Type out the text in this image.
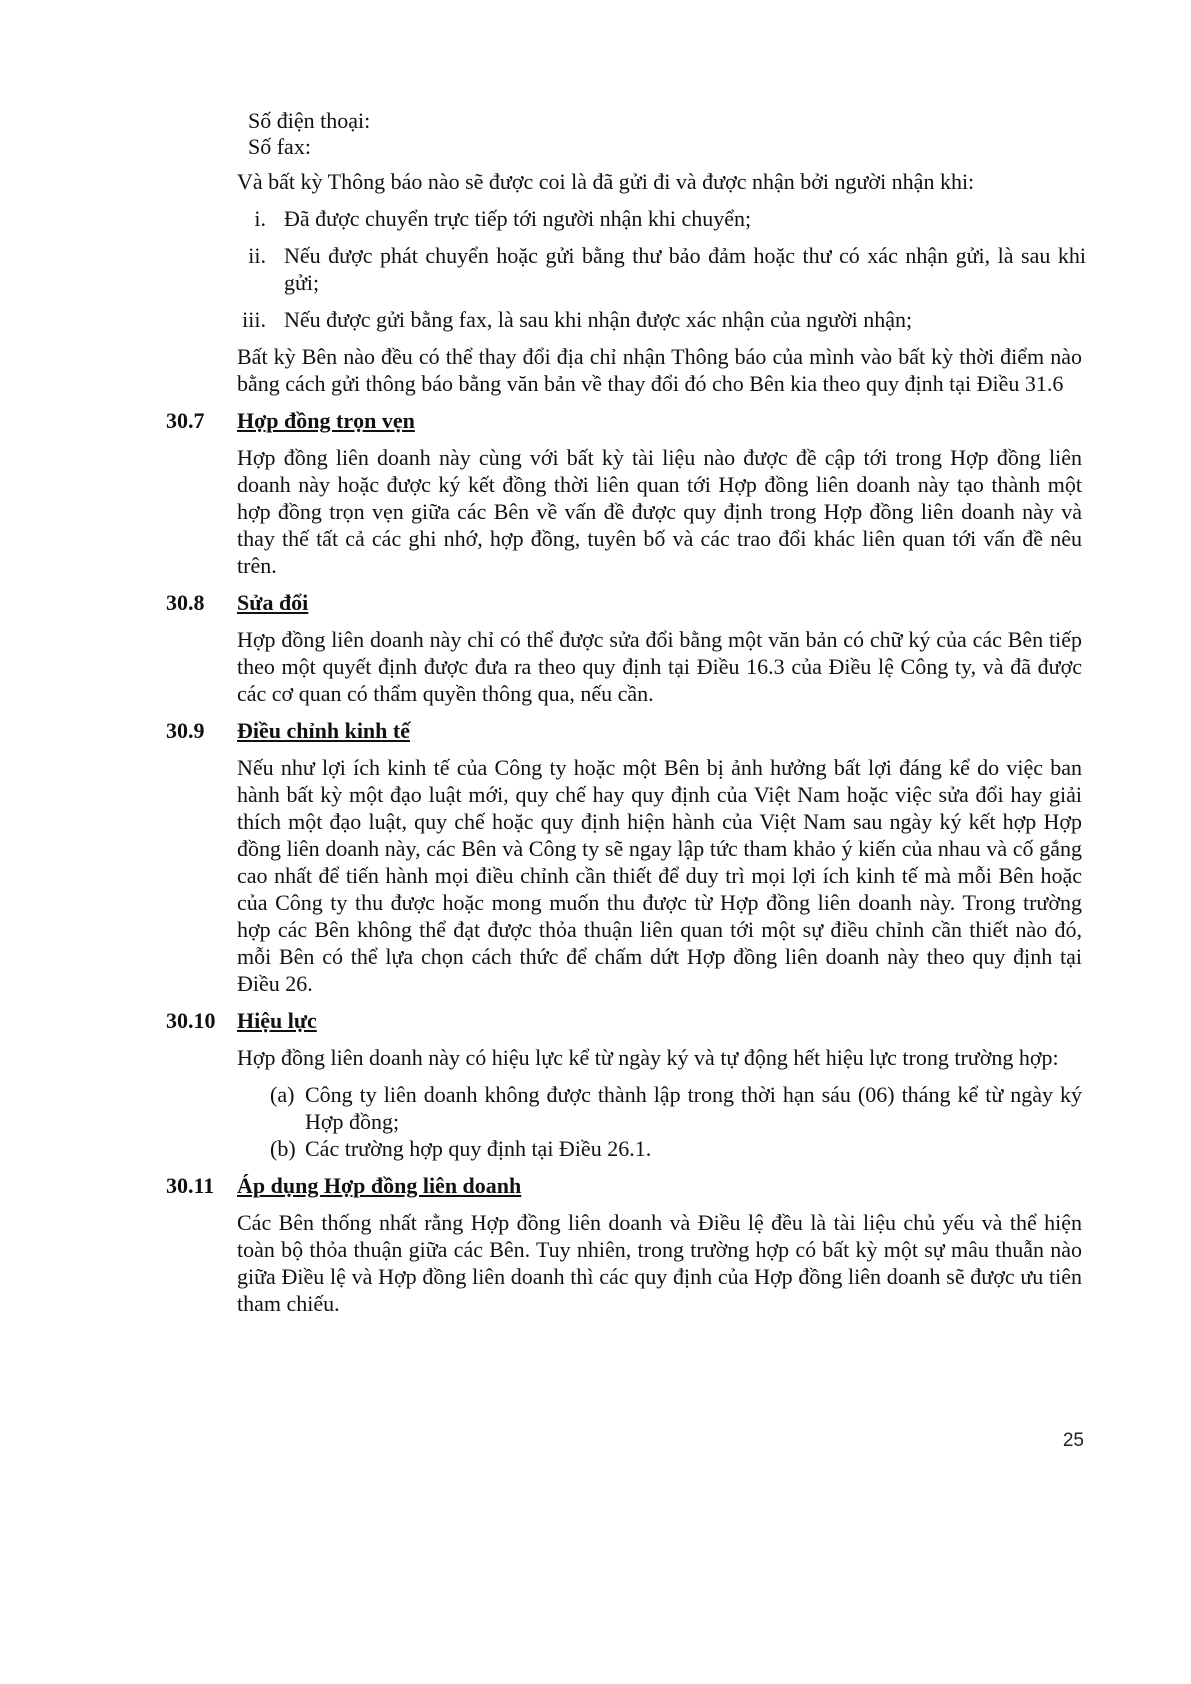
Số điện thoại:
Số fax:
Và bất kỳ Thông báo nào sẽ được coi là đã gửi đi và được nhận bởi người nhận khi:
i. Đã được chuyển trực tiếp tới người nhận khi chuyển;
ii. Nếu được phát chuyển hoặc gửi bằng thư bảo đảm hoặc thư có xác nhận gửi, là sau khi gửi;
iii. Nếu được gửi bằng fax, là sau khi nhận được xác nhận của người nhận;
Bất kỳ Bên nào đều có thể thay đổi địa chỉ nhận Thông báo của mình vào bất kỳ thời điểm nào bằng cách gửi thông báo bằng văn bản về thay đổi đó cho Bên kia theo quy định tại Điều 31.6
30.7	Hợp đồng trọn vẹn
Hợp đồng liên doanh này cùng với bất kỳ tài liệu nào được đề cập tới trong Hợp đồng liên doanh này hoặc được ký kết đồng thời liên quan tới Hợp đồng liên doanh này tạo thành một hợp đồng trọn vẹn giữa các Bên về vấn đề được quy định trong Hợp đồng liên doanh này và thay thế tất cả các ghi nhớ, hợp đồng, tuyên bố và các trao đổi khác liên quan tới vấn đề nêu trên.
30.8	Sửa đổi
Hợp đồng liên doanh này chỉ có thể được sửa đổi bằng một văn bản có chữ ký của các Bên tiếp theo một quyết định được đưa ra theo quy định tại Điều 16.3 của Điều lệ Công ty, và đã được các cơ quan có thẩm quyền thông qua, nếu cần.
30.9	Điều chỉnh kinh tế
Nếu như lợi ích kinh tế của Công ty hoặc một Bên bị ảnh hưởng bất lợi đáng kể do việc ban hành bất kỳ một đạo luật mới, quy chế hay quy định của Việt Nam hoặc việc sửa đổi hay giải thích một đạo luật, quy chế hoặc quy định hiện hành của Việt Nam sau ngày ký kết hợp Hợp đồng liên doanh này, các Bên và Công ty sẽ ngay lập tức tham khảo ý kiến của nhau và cố gắng cao nhất để tiến hành mọi điều chỉnh cần thiết để duy trì mọi lợi ích kinh tế mà mỗi Bên hoặc của Công ty thu được hoặc mong muốn thu được từ Hợp đồng liên doanh này. Trong trường hợp các Bên không thể đạt được thỏa thuận liên quan tới một sự điều chỉnh cần thiết nào đó, mỗi Bên có thể lựa chọn cách thức để chấm dứt Hợp đồng liên doanh này theo quy định tại Điều 26.
30.10 Hiệu lực
Hợp đồng liên doanh này có hiệu lực kể từ ngày ký và tự động hết hiệu lực trong trường hợp:
(a) Công ty liên doanh không được thành lập trong thời hạn sáu (06) tháng kể từ ngày ký Hợp đồng;
(b) Các trường hợp quy định tại Điều 26.1.
30.11	Áp dụng Hợp đồng liên doanh
Các Bên thống nhất rằng Hợp đồng liên doanh và Điều lệ đều là tài liệu chủ yếu và thể hiện toàn bộ thỏa thuận giữa các Bên. Tuy nhiên, trong trường hợp có bất kỳ một sự mâu thuẫn nào giữa Điều lệ và Hợp đồng liên doanh thì các quy định của Hợp đồng liên doanh sẽ được ưu tiên tham chiếu.
25
